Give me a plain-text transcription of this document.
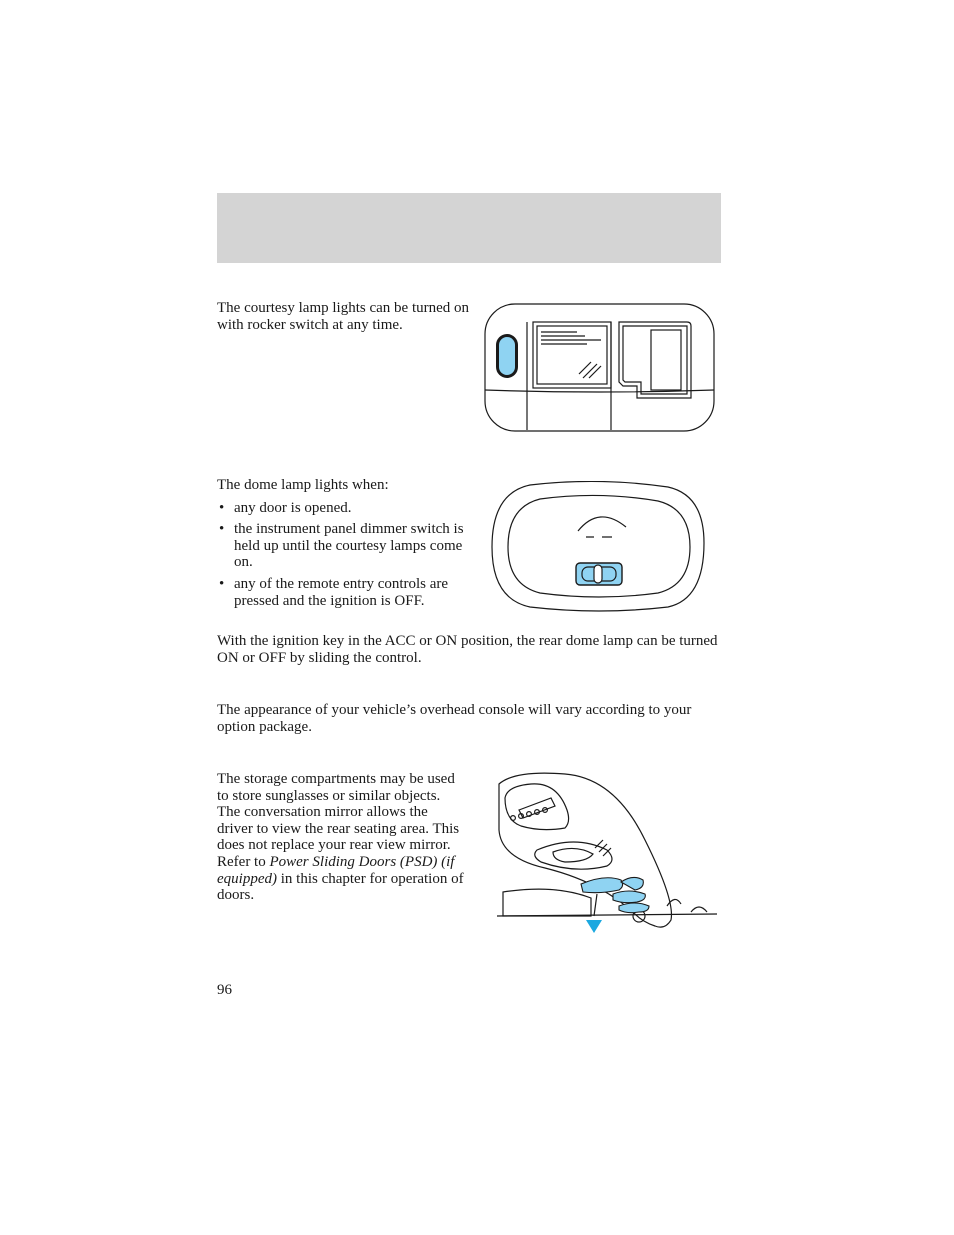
The courtesy lamp lights can be turned on with rocker switch at any time.

The dome lamp lights when:
• any door is opened.
• the instrument panel dimmer switch is held up until the courtesy lamps come on.
• any of the remote entry controls are pressed and the ignition is OFF.

With the ignition key in the ACC or ON position, the rear dome lamp can be turned ON or OFF by sliding the control.

The appearance of your vehicle’s overhead console will vary according to your option package.

The storage compartments may be used to store sunglasses or similar objects. The conversation mirror allows the driver to view the rear seating area. This does not replace your rear view mirror. Refer to Power Sliding Doors (PSD) (if equipped) in this chapter for operation of doors.

96
